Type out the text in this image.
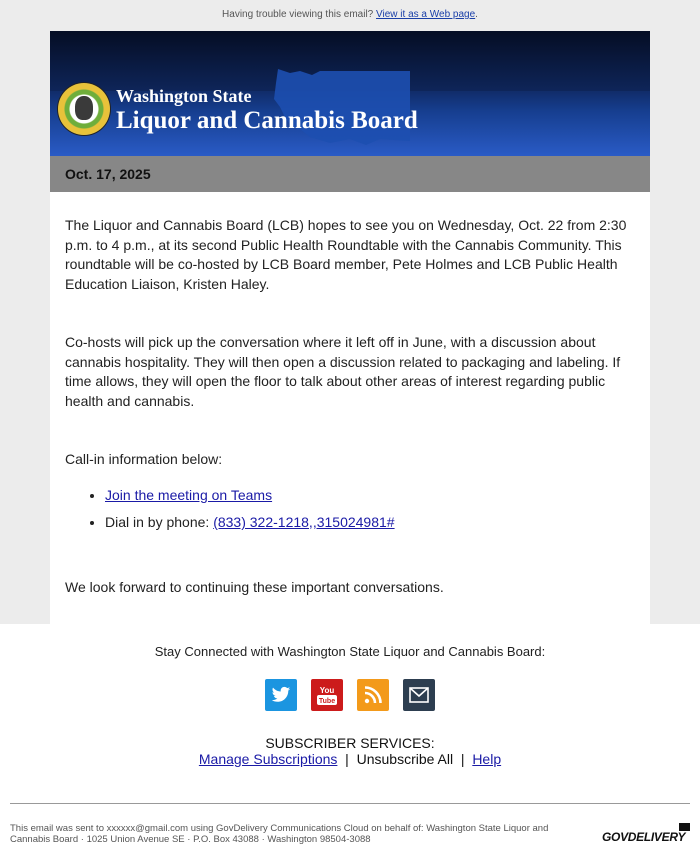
Having trouble viewing this email? View it as a Web page.
Washington State
Liquor and Cannabis Board
Oct. 17, 2025

The Liquor and Cannabis Board (LCB) hopes to see you on Wednesday, Oct. 22 from 2:30 p.m. to 4 p.m., at its second Public Health Roundtable with the Cannabis Community. This roundtable will be co-hosted by LCB Board member, Pete Holmes and LCB Public Health Education Liaison, Kristen Haley.

Co-hosts will pick up the conversation where it left off in June, with a discussion about cannabis hospitality. They will then open a discussion related to packaging and labeling. If time allows, they will open the floor to talk about other areas of interest regarding public health and cannabis.

Call-in information below:

• Join the meeting on Teams
• Dial in by phone: (833) 322-1218,,315024981#

We look forward to continuing these important conversations.

Stay Connected with Washington State Liquor and Cannabis Board:
You
Tube
SUBSCRIBER SERVICES:
Manage Subscriptions  |  Unsubscribe All  |  Help
This email was sent to xxxxxx@gmail.com using GovDelivery Communications Cloud on behalf of: Washington State Liquor and Cannabis Board · 1025 Union Avenue SE · P.O. Box 43088 · Washington 98504-3088	GOVDELIVERY
